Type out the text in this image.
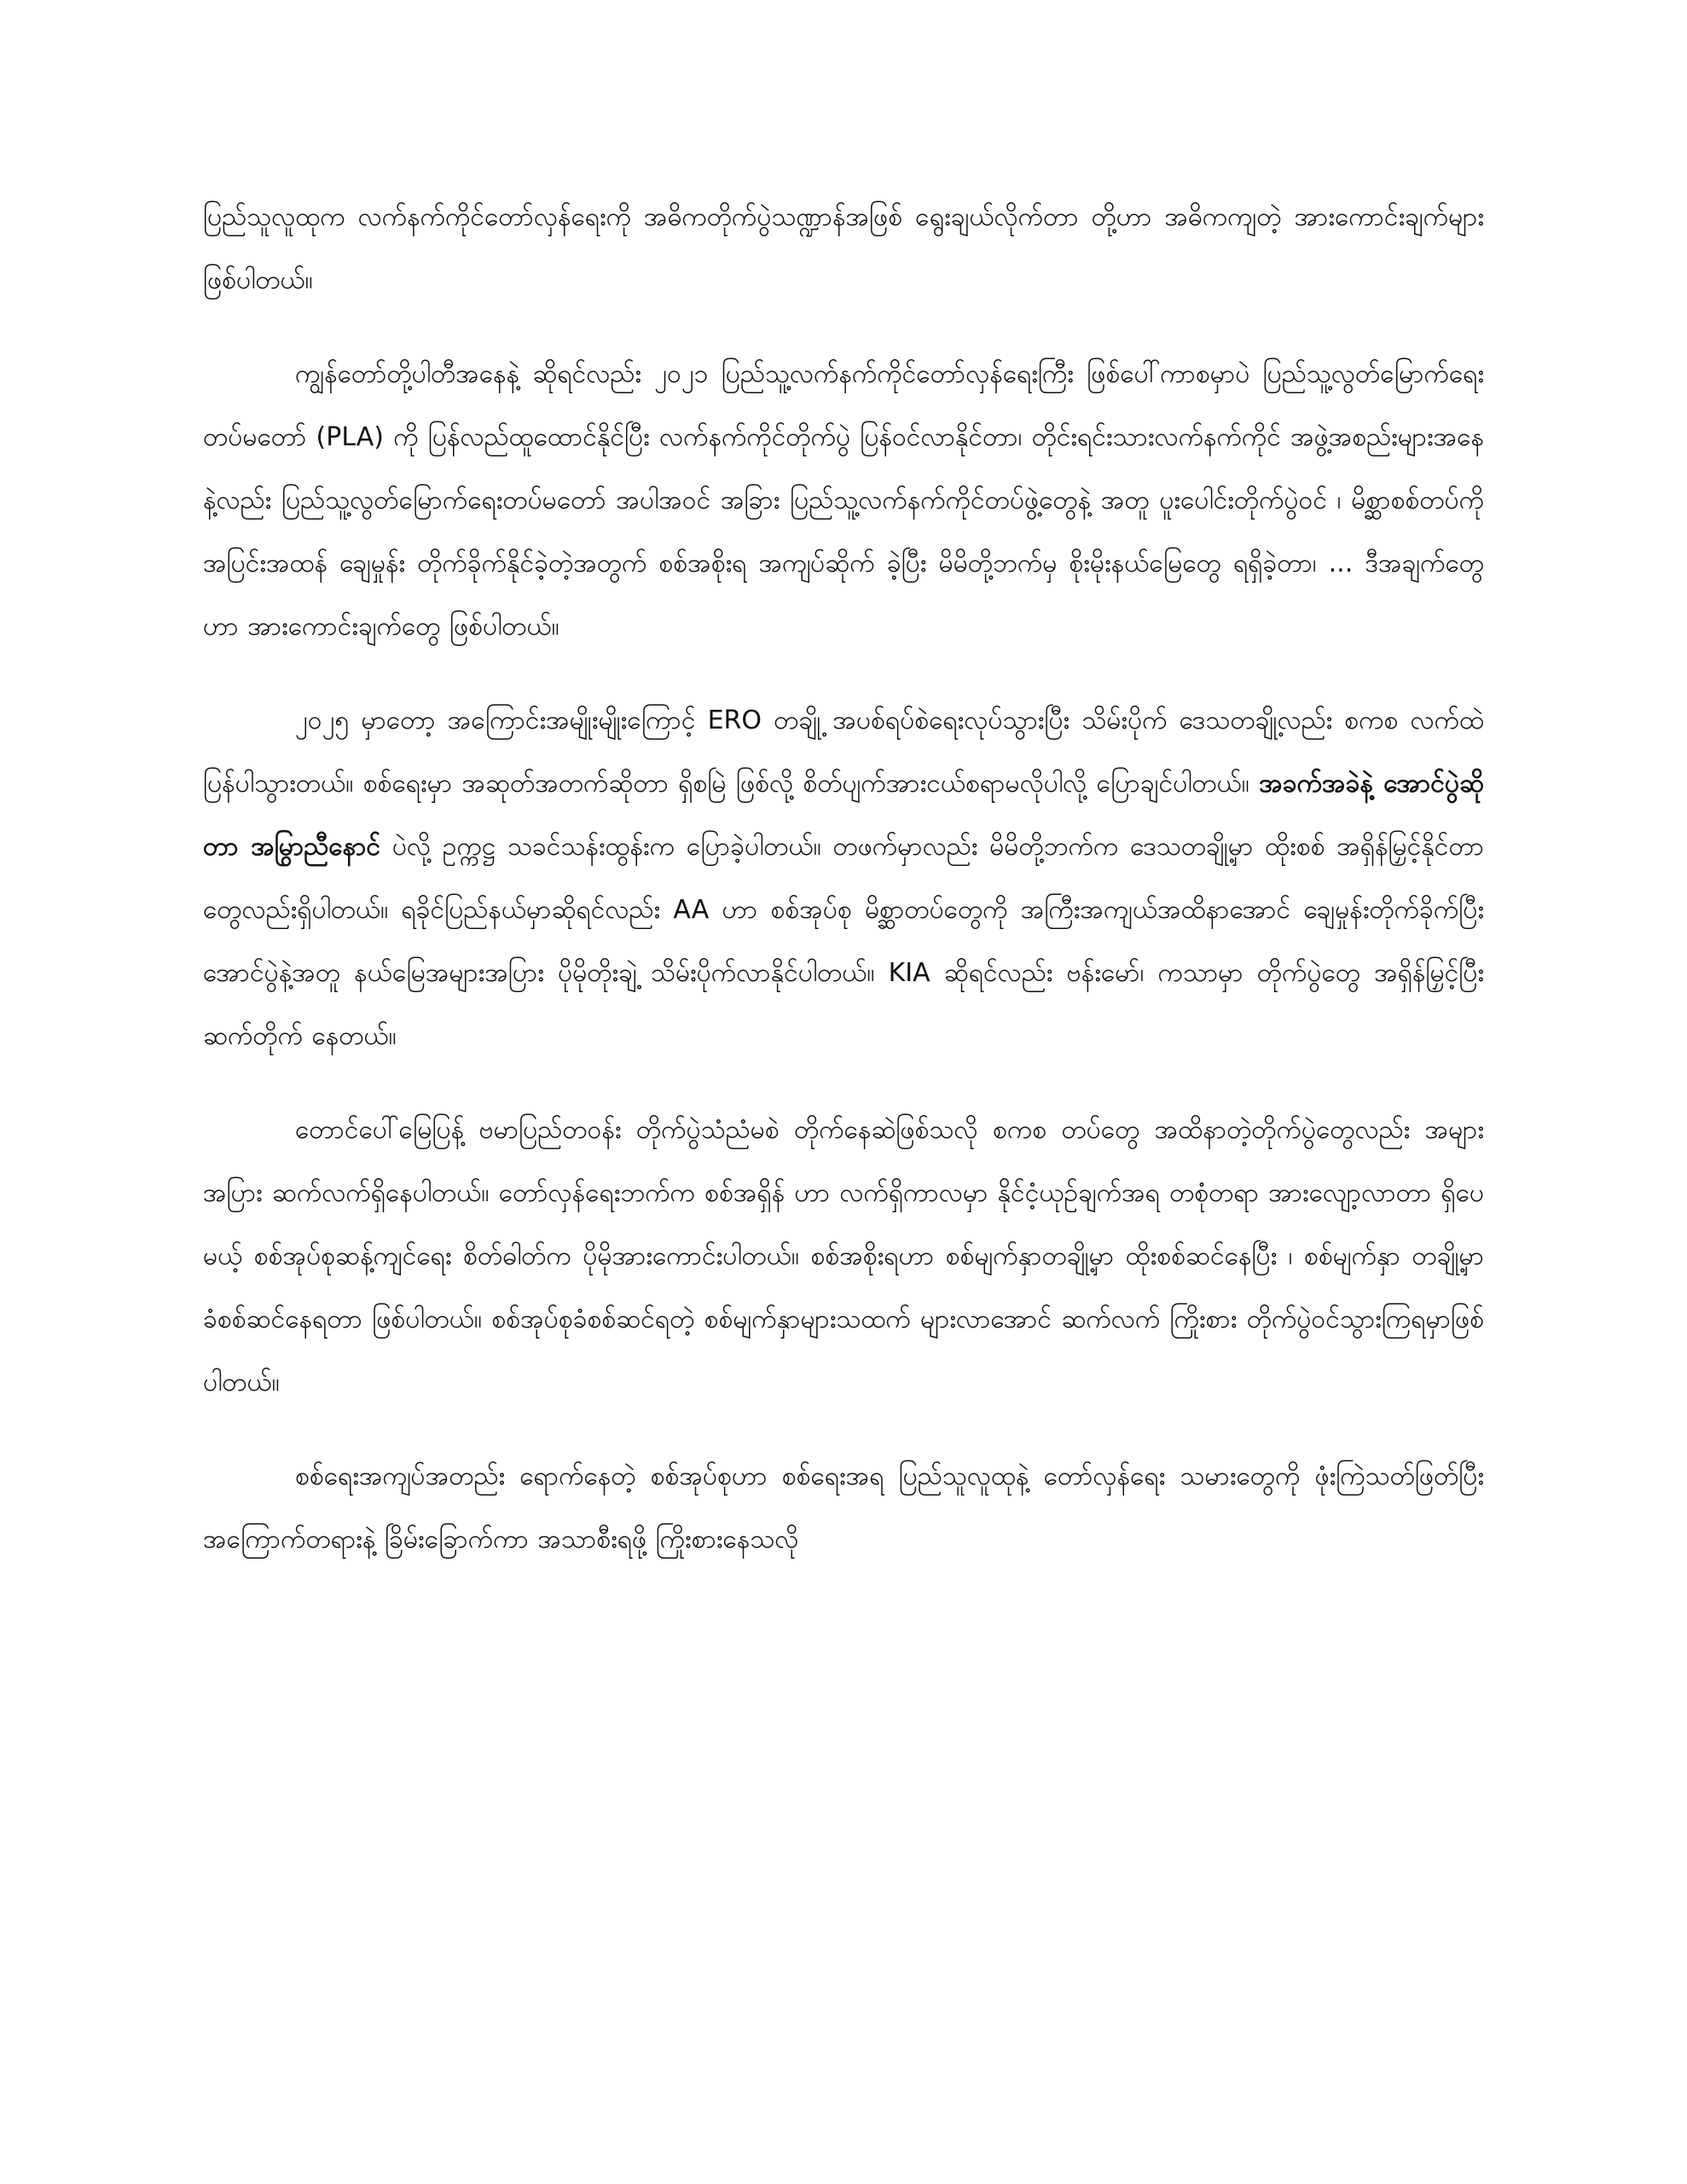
ပြည်သူလူထုက လက်နက်ကိုင်တော်လှန်ရေးကို အဓိကတိုက်ပွဲသဏ္ဍာန်အဖြစ် ရွေးချယ်လိုက်တာ တို့ဟာ အဓိကကျတဲ့ အားကောင်းချက်များဖြစ်ပါတယ်။

ကျွန်တော်တို့ပါတီအနေနဲ့ ဆိုရင်လည်း ၂၀၂၁ ပြည်သူ့လက်နက်ကိုင်တော်လှန်ရေးကြီး ဖြစ်ပေါ်ကာစမှာပဲ ပြည်သူ့လွတ်မြောက်ရေးတပ်မတော် (PLA) ကို ပြန်လည်ထူထောင်နိုင်ပြီး လက်နက်ကိုင်တိုက်ပွဲ ပြန်ဝင်လာနိုင်တာ၊ တိုင်းရင်းသားလက်နက်ကိုင် အဖွဲ့အစည်းများအနေနဲ့လည်း ပြည်သူ့လွတ်မြောက်ရေးတပ်မတော် အပါအဝင် အခြား ပြည်သူ့လက်နက်ကိုင်တပ်ဖွဲ့တွေနဲ့ အတူ ပူးပေါင်းတိုက်ပွဲဝင် ၊ မိစ္ဆာစစ်တပ်ကို အပြင်းအထန် ချေမှုန်း တိုက်ခိုက်နိုင်ခဲ့တဲ့အတွက် စစ်အစိုးရ အကျပ်ဆိုက် ခဲ့ပြီး မိမိတို့ဘက်မှ စိုးမိုးနယ်မြေတွေ ရရှိခဲ့တာ၊ ... ဒီအချက်တွေဟာ အားကောင်းချက်တွေ ဖြစ်ပါတယ်။

၂၀၂၅ မှာတော့ အကြောင်းအမျိုးမျိုးကြောင့် ERO တချို့ အပစ်ရပ်စဲရေးလုပ်သွားပြီး သိမ်းပိုက် ဒေသတချို့လည်း စကစ လက်ထဲ ပြန်ပါသွားတယ်။ စစ်ရေးမှာ အဆုတ်အတက်ဆိုတာ ရှိစမြဲ ဖြစ်လို့ စိတ်ပျက်အားငယ်စရာမလိုပါလို့ ပြောချင်ပါတယ်။ အခက်အခဲနဲ့ အောင်ပွဲဆိုတာ အမြွာညီနောင် ပဲလို့ ဥက္ကဋ္ဌ သခင်သန်းထွန်းက ပြောခဲ့ပါတယ်။ တဖက်မှာလည်း မိမိတို့ဘက်က ဒေသတချို့မှာ ထိုးစစ် အရှိန်မြှင့်နိုင်တာတွေလည်းရှိပါတယ်။ ရခိုင်ပြည်နယ်မှာဆိုရင်လည်း AA ဟာ စစ်အုပ်စု မိစ္ဆာတပ်တွေကို အကြီးအကျယ်အထိနာအောင် ချေမှုန်းတိုက်ခိုက်ပြီး အောင်ပွဲနဲ့အတူ နယ်မြေအများအပြား ပိုမိုတိုးချဲ့ သိမ်းပိုက်လာနိုင်ပါတယ်။ KIA ဆိုရင်လည်း ဗန်းမော်၊ ကသာမှာ တိုက်ပွဲတွေ အရှိန်မြှင့်ပြီး ဆက်တိုက် နေတယ်။

တောင်ပေါ်မြေပြန့် ဗမာပြည်တဝန်း တိုက်ပွဲသံညံမစဲ တိုက်နေဆဲဖြစ်သလို စကစ တပ်တွေ အထိနာတဲ့တိုက်ပွဲတွေလည်း အများအပြား ဆက်လက်ရှိနေပါတယ်။ တော်လှန်ရေးဘက်က စစ်အရှိန် ဟာ လက်ရှိကာလမှာ နိုင်ငံ့ယုဉ်ချက်အရ တစုံတရာ အားလျော့လာတာ ရှိပေမယ့် စစ်အုပ်စုဆန့်ကျင်ရေး စိတ်ဓါတ်က ပိုမိုအားကောင်းပါတယ်။ စစ်အစိုးရဟာ စစ်မျက်နှာတချို့မှာ ထိုးစစ်ဆင်နေပြီး ၊ စစ်မျက်နှာ တချို့မှာ ခံစစ်ဆင်နေရတာ ဖြစ်ပါတယ်။ စစ်အုပ်စုခံစစ်ဆင်ရတဲ့ စစ်မျက်နှာများသထက် များလာအောင် ဆက်လက် ကြိုးစား တိုက်ပွဲဝင်သွားကြရမှာဖြစ်ပါတယ်။

စစ်ရေးအကျပ်အတည်း ရောက်နေတဲ့ စစ်အုပ်စုဟာ စစ်ရေးအရ ပြည်သူလူထုနဲ့ တော်လှန်ရေး သမားတွေကို ဖုံးကြဲသတ်ဖြတ်ပြီး အကြောက်တရားနဲ့ ခြိမ်းခြောက်ကာ အသာစီးရဖို့ ကြိုးစားနေသလို
